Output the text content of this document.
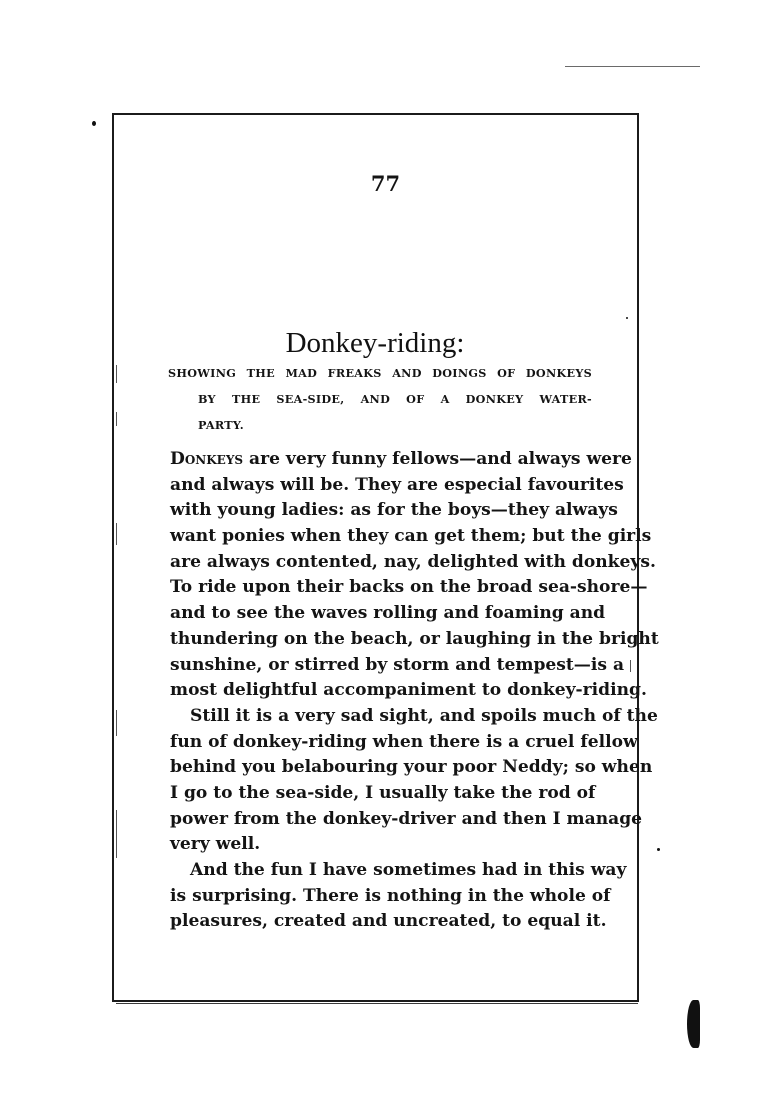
77
Donkey-riding:
SHOWING THE MAD FREAKS AND DOINGS OF DONKEYS
BY THE SEA-SIDE, AND OF A DONKEY WATER-
PARTY.
Donkeys are very funny fellows—and always were
and always will be. They are especial favourites
with young ladies: as for the boys—they always
want ponies when they can get them; but the girls
are always contented, nay, delighted with donkeys.
To ride upon their backs on the broad sea-shore—
and to see the waves rolling and foaming and
thundering on the beach, or laughing in the bright
sunshine, or stirred by storm and tempest—is a
most delightful accompaniment to donkey-riding.
Still it is a very sad sight, and spoils much of the
fun of donkey-riding when there is a cruel fellow
behind you belabouring your poor Neddy; so when
I go to the sea-side, I usually take the rod of
power from the donkey-driver and then I manage
very well.
And the fun I have sometimes had in this way
is surprising. There is nothing in the whole of
pleasures, created and uncreated, to equal it.
